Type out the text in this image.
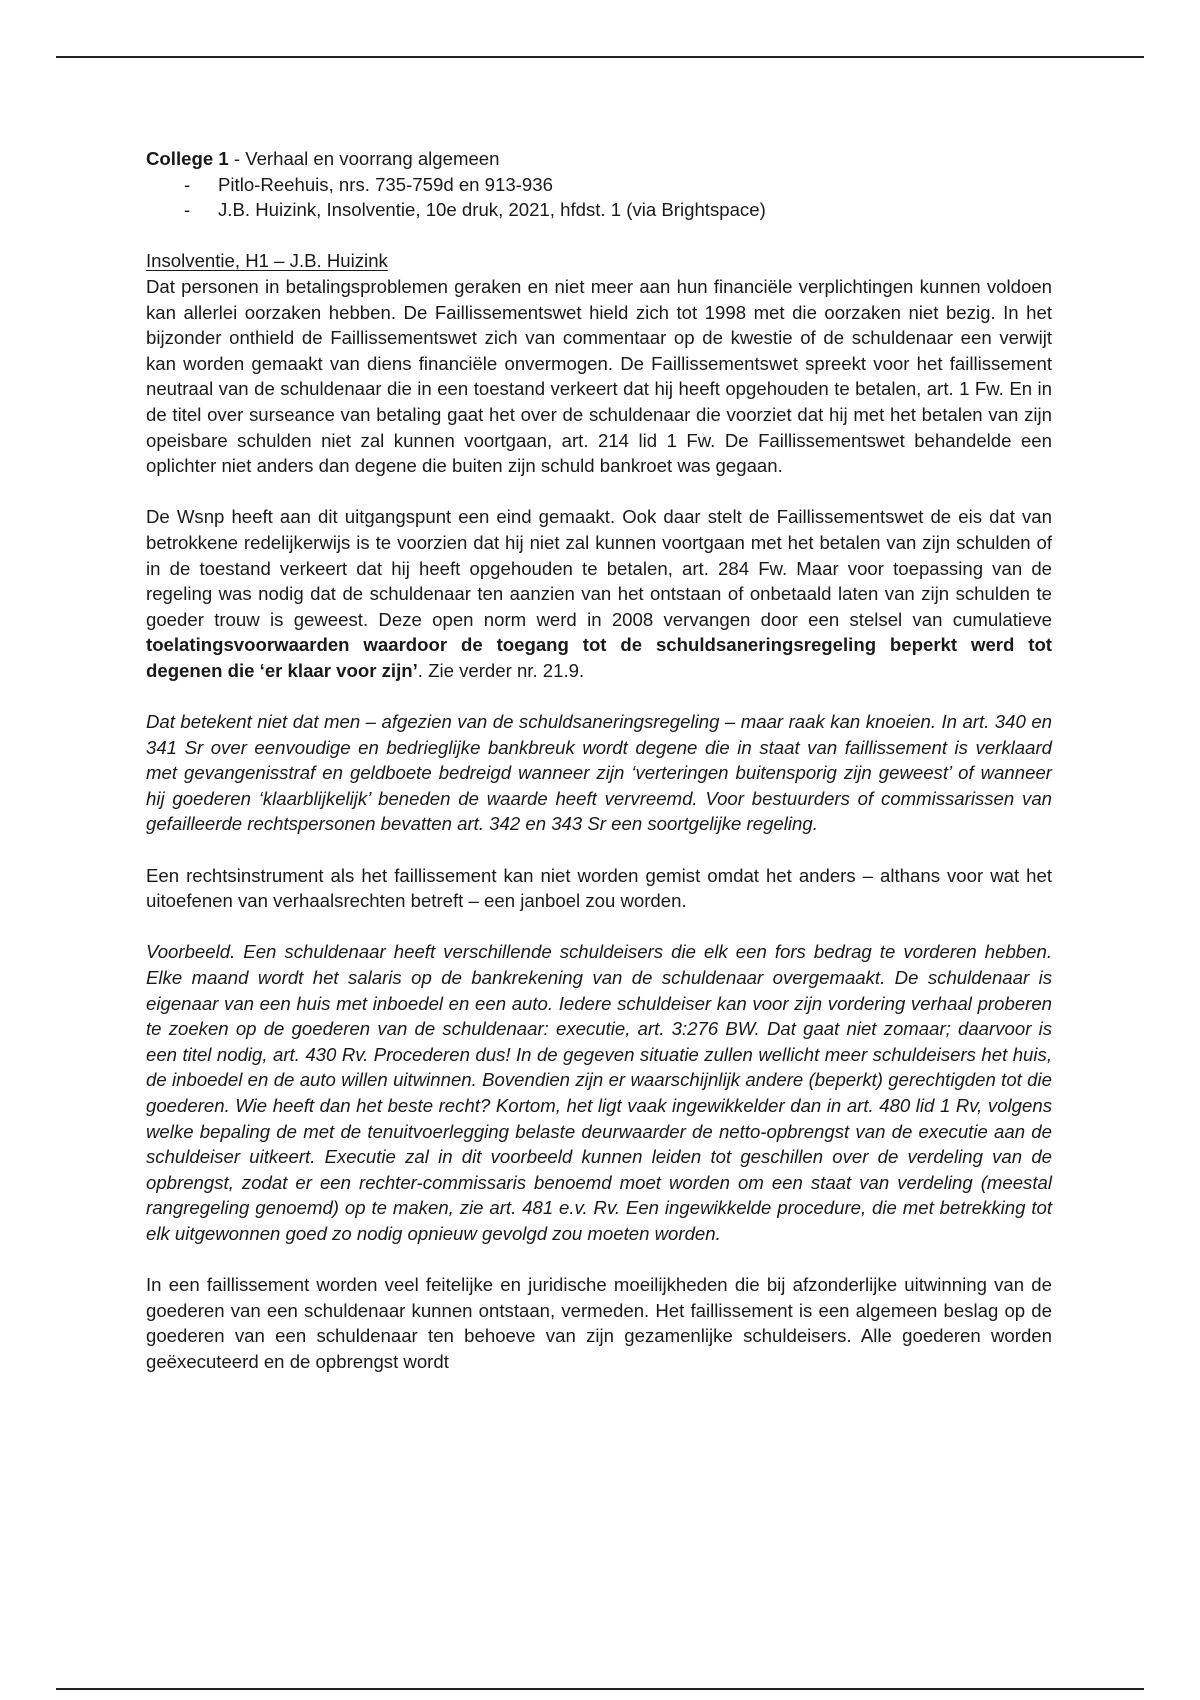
College 1 - Verhaal en voorrang algemeen
- Pitlo-Reehuis, nrs. 735-759d en 913-936
- J.B. Huizink, Insolventie, 10e druk, 2021, hfdst. 1 (via Brightspace)
Insolventie, H1 – J.B. Huizink

Dat personen in betalingsproblemen geraken en niet meer aan hun financiële verplichtingen kunnen voldoen kan allerlei oorzaken hebben. De Faillissementswet hield zich tot 1998 met die oorzaken niet bezig. In het bijzonder onthield de Faillissementswet zich van commentaar op de kwestie of de schuldenaar een verwijt kan worden gemaakt van diens financiële onvermogen. De Faillissementswet spreekt voor het faillissement neutraal van de schuldenaar die in een toestand verkeert dat hij heeft opgehouden te betalen, art. 1 Fw. En in de titel over surseance van betaling gaat het over de schuldenaar die voorziet dat hij met het betalen van zijn opeisbare schulden niet zal kunnen voortgaan, art. 214 lid 1 Fw. De Faillissementswet behandelde een oplichter niet anders dan degene die buiten zijn schuld bankroet was gegaan.

De Wsnp heeft aan dit uitgangspunt een eind gemaakt. Ook daar stelt de Faillissementswet de eis dat van betrokkene redelijkerwijs is te voorzien dat hij niet zal kunnen voortgaan met het betalen van zijn schulden of in de toestand verkeert dat hij heeft opgehouden te betalen, art. 284 Fw. Maar voor toepassing van de regeling was nodig dat de schuldenaar ten aanzien van het ontstaan of onbetaald laten van zijn schulden te goeder trouw is geweest. Deze open norm werd in 2008 vervangen door een stelsel van cumulatieve toelatingsvoorwaarden waardoor de toegang tot de schuldsaneringsregeling beperkt werd tot degenen die ‘er klaar voor zijn’. Zie verder nr. 21.9.

Dat betekent niet dat men – afgezien van de schuldsaneringsregeling – maar raak kan knoeien. In art. 340 en 341 Sr over eenvoudige en bedrieglijke bankbreuk wordt degene die in staat van faillissement is verklaard met gevangenisstraf en geldboete bedreigd wanneer zijn ‘verteringen buitensporig zijn geweest’ of wanneer hij goederen ‘klaarblijkelijk’ beneden de waarde heeft vervreemd. Voor bestuurders of commissarissen van gefailleerde rechtspersonen bevatten art. 342 en 343 Sr een soortgelijke regeling.

Een rechtsinstrument als het faillissement kan niet worden gemist omdat het anders – althans voor wat het uitoefenen van verhaalsrechten betreft – een janboel zou worden.

Voorbeeld. Een schuldenaar heeft verschillende schuldeisers die elk een fors bedrag te vorderen hebben. Elke maand wordt het salaris op de bankrekening van de schuldenaar overgemaakt. De schuldenaar is eigenaar van een huis met inboedel en een auto. Iedere schuldeiser kan voor zijn vordering verhaal proberen te zoeken op de goederen van de schuldenaar: executie, art. 3:276 BW. Dat gaat niet zomaar; daarvoor is een titel nodig, art. 430 Rv. Procederen dus! In de gegeven situatie zullen wellicht meer schuldeisers het huis, de inboedel en de auto willen uitwinnen. Bovendien zijn er waarschijnlijk andere (beperkt) gerechtigden tot die goederen. Wie heeft dan het beste recht? Kortom, het ligt vaak ingewikkelder dan in art. 480 lid 1 Rv, volgens welke bepaling de met de tenuitvoerlegging belaste deurwaarder de netto-opbrengst van de executie aan de schuldeiser uitkeert. Executie zal in dit voorbeeld kunnen leiden tot geschillen over de verdeling van de opbrengst, zodat er een rechter-commissaris benoemd moet worden om een staat van verdeling (meestal rangregeling genoemd) op te maken, zie art. 481 e.v. Rv. Een ingewikkelde procedure, die met betrekking tot elk uitgewonnen goed zo nodig opnieuw gevolgd zou moeten worden.

In een faillissement worden veel feitelijke en juridische moeilijkheden die bij afzonderlijke uitwinning van de goederen van een schuldenaar kunnen ontstaan, vermeden. Het faillissement is een algemeen beslag op de goederen van een schuldenaar ten behoeve van zijn gezamenlijke schuldeisers. Alle goederen worden geëxecuteerd en de opbrengst wordt
